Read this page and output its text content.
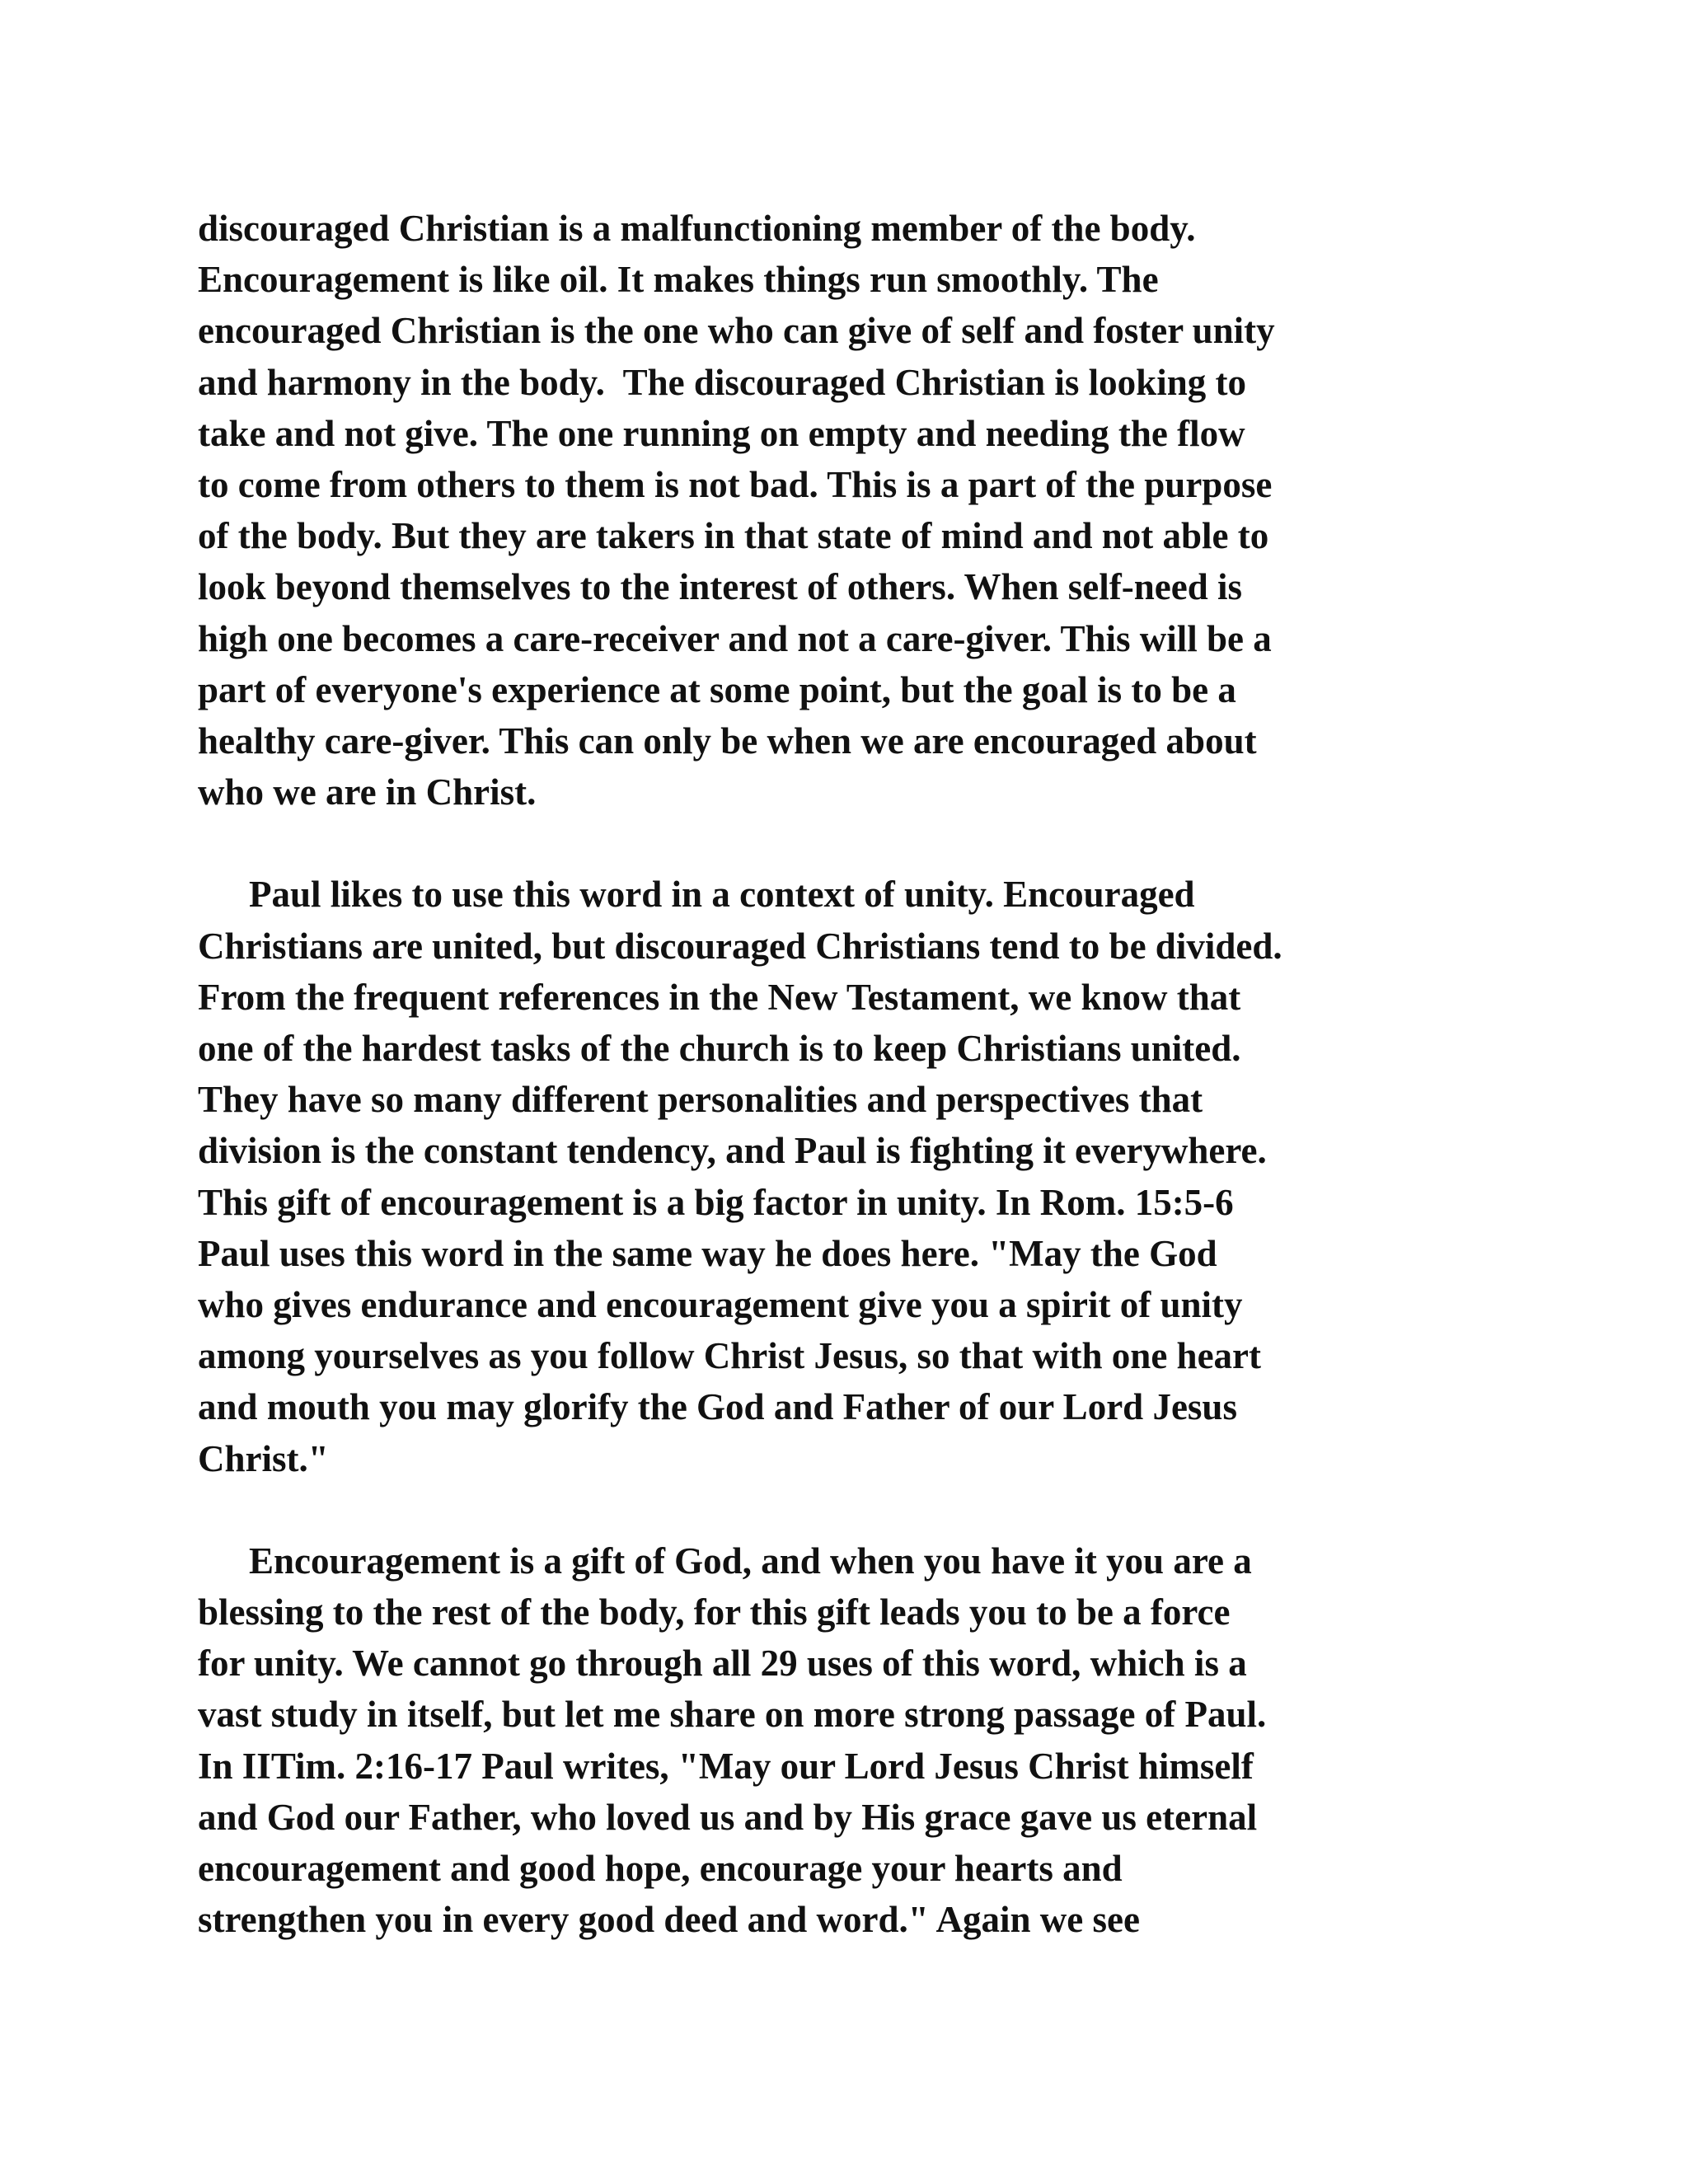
discouraged Christian is a malfunctioning member of the body.
Encouragement is like oil. It makes things run smoothly. The
encouraged Christian is the one who can give of self and foster unity
and harmony in the body.  The discouraged Christian is looking to
take and not give. The one running on empty and needing the flow
to come from others to them is not bad. This is a part of the purpose
of the body. But they are takers in that state of mind and not able to
look beyond themselves to the interest of others. When self-need is
high one becomes a care-receiver and not a care-giver. This will be a
part of everyone's experience at some point, but the goal is to be a
healthy care-giver. This can only be when we are encouraged about
who we are in Christ.
Paul likes to use this word in a context of unity. Encouraged
Christians are united, but discouraged Christians tend to be divided.
From the frequent references in the New Testament, we know that
one of the hardest tasks of the church is to keep Christians united.
They have so many different personalities and perspectives that
division is the constant tendency, and Paul is fighting it everywhere.
This gift of encouragement is a big factor in unity. In Rom. 15:5-6
Paul uses this word in the same way he does here. "May the God
who gives endurance and encouragement give you a spirit of unity
among yourselves as you follow Christ Jesus, so that with one heart
and mouth you may glorify the God and Father of our Lord Jesus
Christ."
Encouragement is a gift of God, and when you have it you are a
blessing to the rest of the body, for this gift leads you to be a force
for unity. We cannot go through all 29 uses of this word, which is a
vast study in itself, but let me share on more strong passage of Paul.
In IITim. 2:16-17 Paul writes, "May our Lord Jesus Christ himself
and God our Father, who loved us and by His grace gave us eternal
encouragement and good hope, encourage your hearts and
strengthen you in every good deed and word." Again we see
